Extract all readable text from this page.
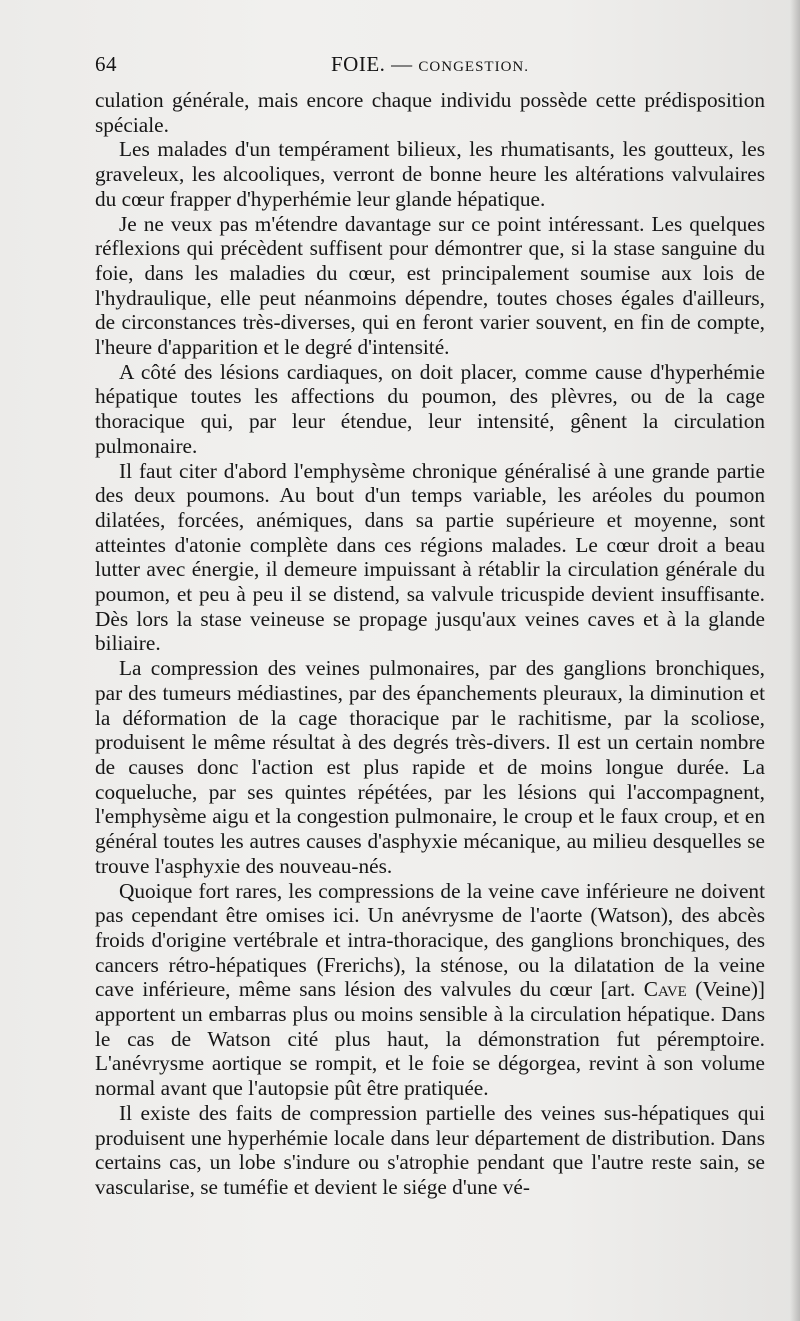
64	FOIE. — CONGESTION.

culation générale, mais encore chaque individu possède cette prédisposition spéciale.

Les malades d'un tempérament bilieux, les rhumatisants, les goutteux, les graveleux, les alcooliques, verront de bonne heure les altérations valvulaires du cœur frapper d'hyperhémie leur glande hépatique.

Je ne veux pas m'étendre davantage sur ce point intéressant. Les quelques réflexions qui précèdent suffisent pour démontrer que, si la stase sanguine du foie, dans les maladies du cœur, est principalement soumise aux lois de l'hydraulique, elle peut néanmoins dépendre, toutes choses égales d'ailleurs, de circonstances très-diverses, qui en feront varier souvent, en fin de compte, l'heure d'apparition et le degré d'intensité.

A côté des lésions cardiaques, on doit placer, comme cause d'hyperhémie hépatique toutes les affections du poumon, des plèvres, ou de la cage thoracique qui, par leur étendue, leur intensité, gênent la circulation pulmonaire.

Il faut citer d'abord l'emphysème chronique généralisé à une grande partie des deux poumons. Au bout d'un temps variable, les aréoles du poumon dilatées, forcées, anémiques, dans sa partie supérieure et moyenne, sont atteintes d'atonie complète dans ces régions malades. Le cœur droit a beau lutter avec énergie, il demeure impuissant à rétablir la circulation générale du poumon, et peu à peu il se distend, sa valvule tricuspide devient insuffisante. Dès lors la stase veineuse se propage jusqu'aux veines caves et à la glande biliaire.

La compression des veines pulmonaires, par des ganglions bronchiques, par des tumeurs médiastines, par des épanchements pleuraux, la diminution et la déformation de la cage thoracique par le rachitisme, par la scoliose, produisent le même résultat à des degrés très-divers. Il est un certain nombre de causes donc l'action est plus rapide et de moins longue durée. La coqueluche, par ses quintes répétées, par les lésions qui l'accompagnent, l'emphysème aigu et la congestion pulmonaire, le croup et le faux croup, et en général toutes les autres causes d'asphyxie mécanique, au milieu desquelles se trouve l'asphyxie des nouveau-nés.

Quoique fort rares, les compressions de la veine cave inférieure ne doivent pas cependant être omises ici. Un anévrysme de l'aorte (Watson), des abcès froids d'origine vertébrale et intra-thoracique, des ganglions bronchiques, des cancers rétro-hépatiques (Frerichs), la sténose, ou la dilatation de la veine cave inférieure, même sans lésion des valvules du cœur [art. Cave (Veine)] apportent un embarras plus ou moins sensible à la circulation hépatique. Dans le cas de Watson cité plus haut, la démonstration fut péremptoire. L'anévrysme aortique se rompit, et le foie se dégorgea, revint à son volume normal avant que l'autopsie pût être pratiquée.

Il existe des faits de compression partielle des veines sus-hépatiques qui produisent une hyperhémie locale dans leur département de distribution. Dans certains cas, un lobe s'indure ou s'atrophie pendant que l'autre reste sain, se vascularise, se tuméfie et devient le siége d'une vé-
